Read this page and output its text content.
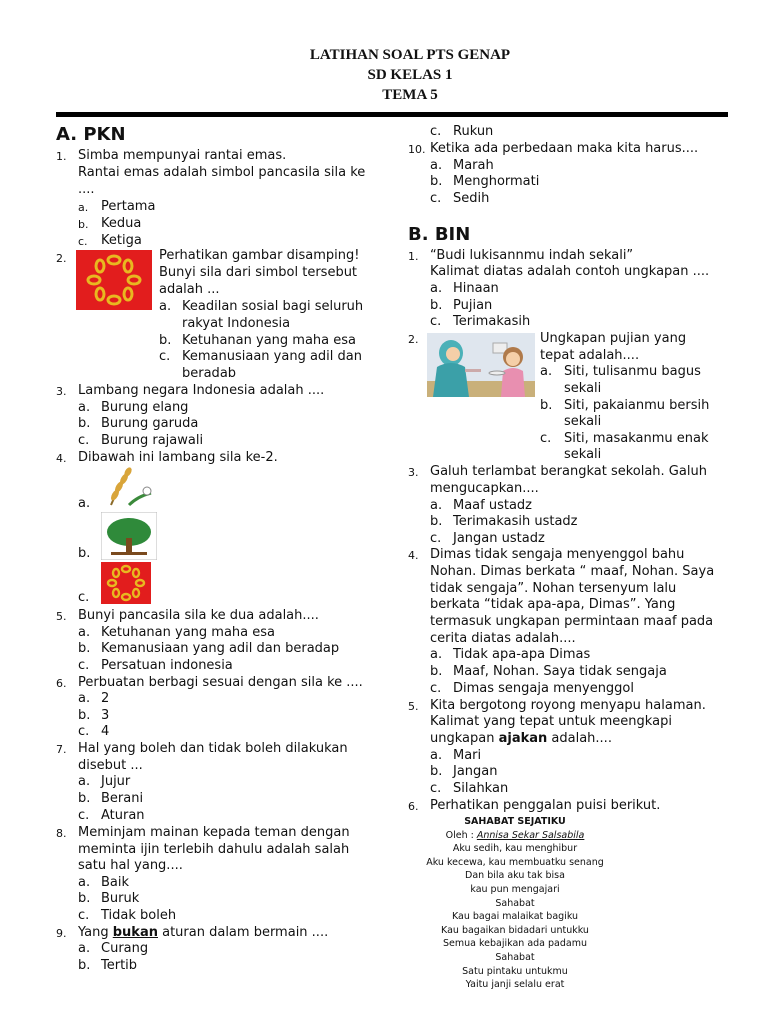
LATIHAN SOAL PTS GENAP
SD KELAS 1
TEMA 5
A. PKN
1. Simba mempunyai rantai emas.
Rantai emas adalah simbol pancasila sila ke
....
a. Pertama
b. Kedua
c. Ketiga
2.	Perhatikan gambar disamping!
Bunyi sila dari simbol tersebut
adalah ...
a. Keadilan sosial bagi seluruh
rakyat Indonesia
b. Ketuhanan yang maha esa
c. Kemanusiaan yang adil dan
beradab
3. Lambang negara Indonesia adalah ....
a. Burung elang
b. Burung garuda
c. Burung rajawali
4. Dibawah ini lambang sila ke-2.
a.
b.
c.
5. Bunyi pancasila sila ke dua adalah....
a. Ketuhanan yang maha esa
b. Kemanusiaan yang adil dan beradap
c. Persatuan indonesia
6. Perbuatan berbagi sesuai dengan sila ke ....
a. 2
b. 3
c. 4
7. Hal yang boleh dan tidak boleh dilakukan
disebut ...
a. Jujur
b. Berani
c. Aturan
8. Meminjam mainan kepada teman dengan
meminta ijin terlebih dahulu adalah salah
satu hal yang....
a. Baik
b. Buruk
c. Tidak boleh
9. Yang bukan aturan dalam bermain ....
a. Curang
b. Tertib
c. Rukun
10. Ketika ada perbedaan maka kita harus....
a. Marah
b. Menghormati
c. Sedih
B. BIN
1. “Budi lukisannmu indah sekali”
Kalimat diatas adalah contoh ungkapan ....
a. Hinaan
b. Pujian
c. Terimakasih
2.	Ungkapan pujian yang
tepat adalah....
a. Siti, tulisanmu bagus
sekali
b. Siti, pakaianmu bersih
sekali
c. Siti, masakanmu enak
sekali
3. Galuh terlambat berangkat sekolah. Galuh
mengucapkan....
a. Maaf ustadz
b. Terimakasih ustadz
c. Jangan ustadz
4. Dimas tidak sengaja menyenggol bahu
Nohan. Dimas berkata “ maaf, Nohan. Saya
tidak sengaja”. Nohan tersenyum lalu
berkata “tidak apa-apa, Dimas”. Yang
termasuk ungkapan permintaan maaf pada
cerita diatas adalah....
a. Tidak apa-apa Dimas
b. Maaf, Nohan. Saya tidak sengaja
c. Dimas sengaja menyenggol
5. Kita bergotong royong menyapu halaman.
Kalimat yang tepat untuk meengkapi
ungkapan ajakan adalah....
a. Mari
b. Jangan
c. Silahkan
6. Perhatikan penggalan puisi berikut.
SAHABAT SEJATIKU
Oleh : Annisa Sekar Salsabila
Aku sedih, kau menghibur
Aku kecewa, kau membuatku senang
Dan bila aku tak bisa
kau pun mengajari
Sahabat
Kau bagai malaikat bagiku
Kau bagaikan bidadari untukku
Semua kebajikan ada padamu
Sahabat
Satu pintaku untukmu
Yaitu janji selalu erat
